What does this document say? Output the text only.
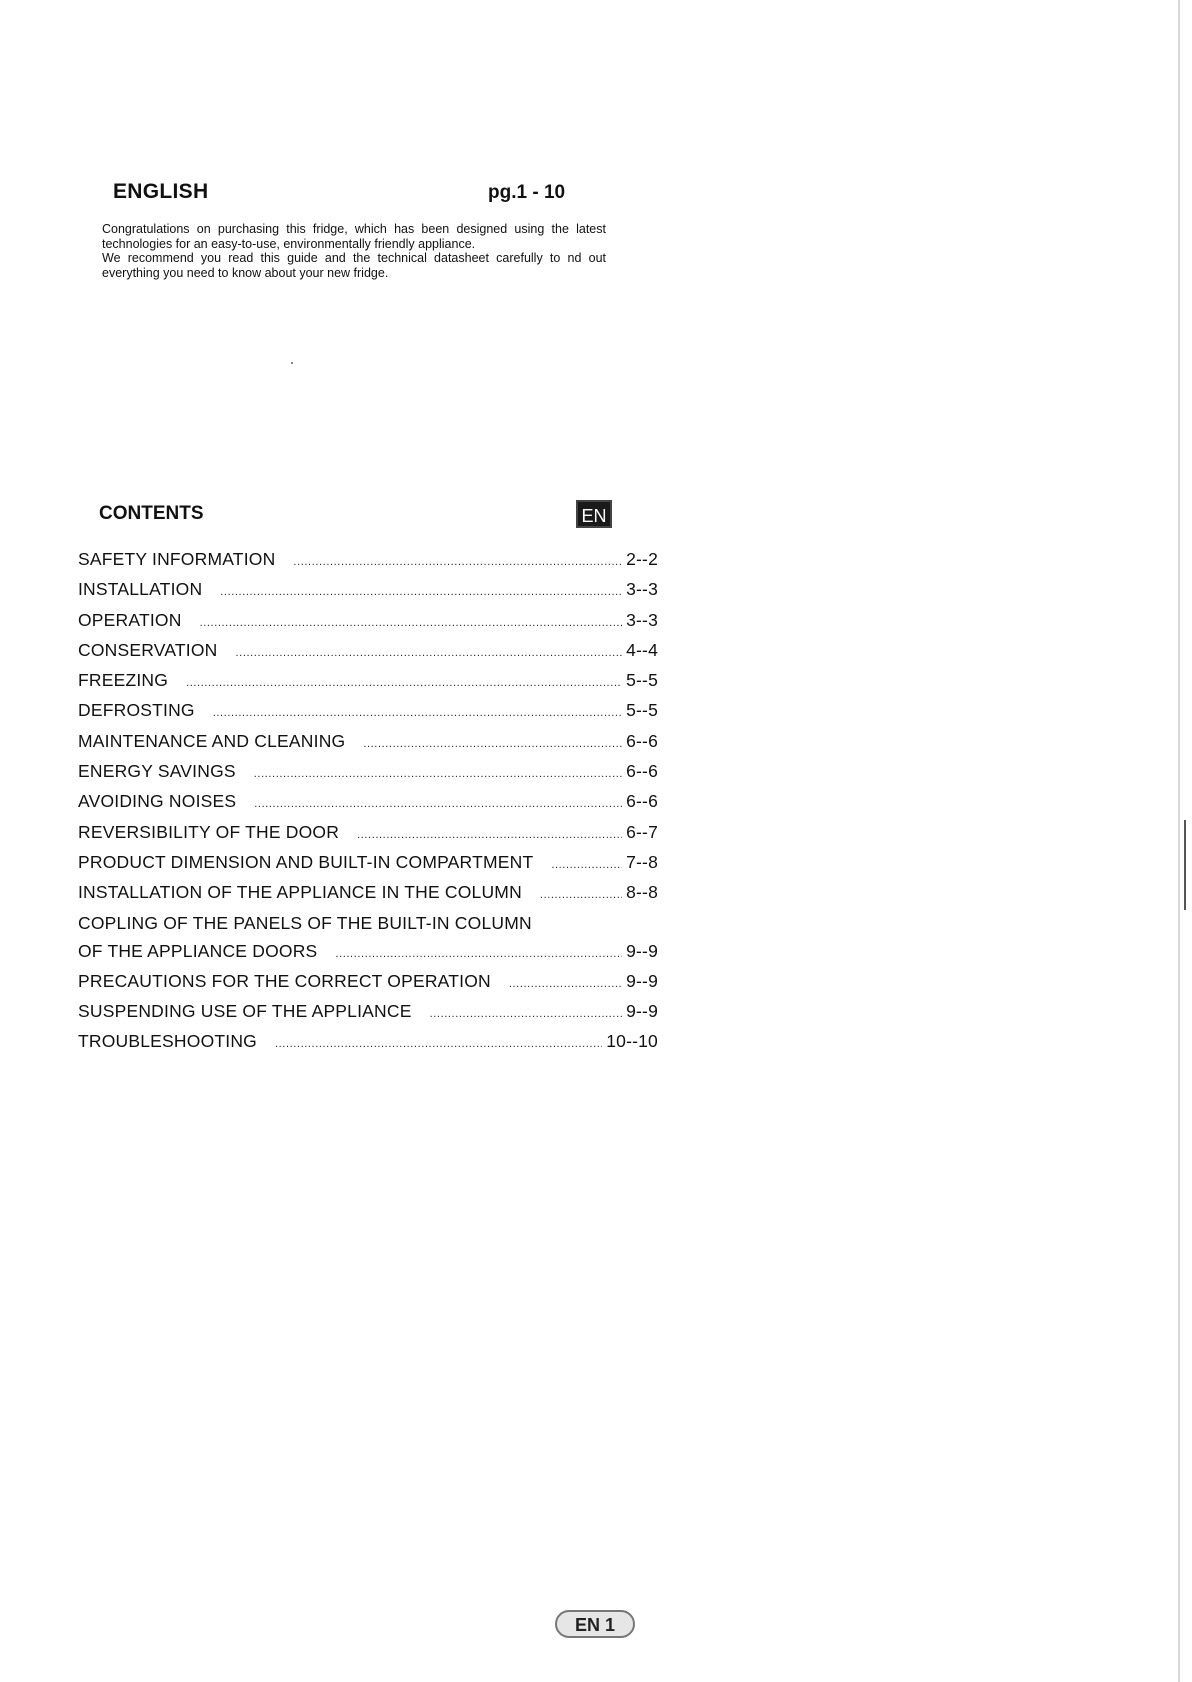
ENGLISH	pg.1 - 10

Congratulations on purchasing this fridge, which has been designed using the latest technologies for an easy-to-use, environmentally friendly appliance.

We recommend you read this guide and the technical datasheet carefully to nd out everything you need to know about your new fridge.

CONTENTS	EN
SAFETY INFORMATION .....	2--2
INSTALLATION .....	3--3
OPERATION .....	3--3
CONSERVATION .....	4--4
FREEZING .....	5--5
DEFROSTING .....	5--5
MAINTENANCE AND CLEANING .....	6--6
ENERGY SAVINGS .....	6--6
AVOIDING NOISES .....	6--6
REVERSIBILITY OF THE DOOR .....	6--7
PRODUCT DIMENSION AND BUILT-IN COMPARTMENT .....	7--8
INSTALLATION OF THE APPLIANCE IN THE COLUMN .....	8--8
COPLING OF THE PANELS OF THE BUILT-IN COLUMN
OF THE APPLIANCE DOORS .....	9--9
PRECAUTIONS FOR THE CORRECT OPERATION .....	9--9
SUSPENDING USE OF THE APPLIANCE .....	9--9
TROUBLESHOOTING .....	10--10
EN 1
